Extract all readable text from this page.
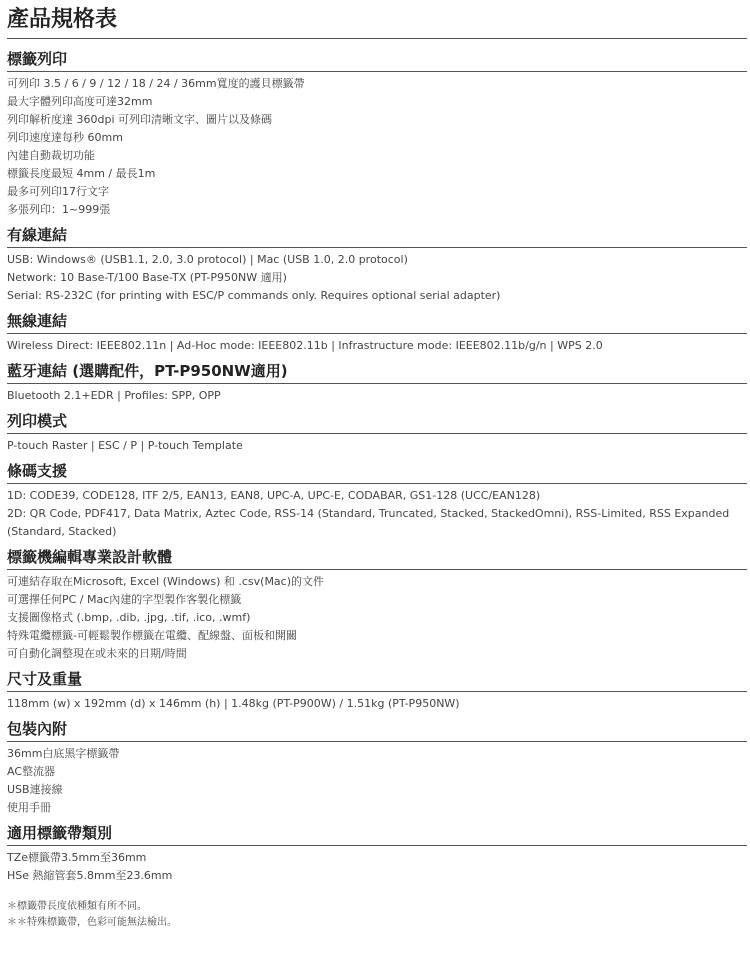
產品規格表
標籤列印
可列印 3.5 / 6 / 9 / 12 / 18 / 24 / 36mm寬度的護貝標籤帶
最大字體列印高度可達32mm
列印解析度達 360dpi 可列印清晰文字、圖片以及條碼
列印速度達每秒 60mm
內建自動裁切功能
標籤長度最短 4mm / 最長1m
最多可列印17行文字
多張列印：1~999張
有線連結
USB: Windows® (USB1.1, 2.0, 3.0 protocol) | Mac (USB 1.0, 2.0 protocol)
Network: 10 Base-T/100 Base-TX (PT-P950NW 適用)
Serial: RS-232C (for printing with ESC/P commands only. Requires optional serial adapter)
無線連結
Wireless Direct: IEEE802.11n | Ad-Hoc mode: IEEE802.11b | Infrastructure mode: IEEE802.11b/g/n | WPS 2.0
藍牙連結 (選購配件，PT-P950NW適用)
Bluetooth 2.1+EDR | Profiles: SPP, OPP
列印模式
P-touch Raster | ESC / P | P-touch Template
條碼支援
1D: CODE39, CODE128, ITF 2/5, EAN13, EAN8, UPC-A, UPC-E, CODABAR, GS1-128 (UCC/EAN128)
2D: QR Code, PDF417, Data Matrix, Aztec Code, RSS-14 (Standard, Truncated, Stacked, StackedOmni), RSS-Limited, RSS Expanded (Standard, Stacked)
標籤機編輯專業設計軟體
可連結存取在Microsoft, Excel (Windows) 和 .csv(Mac)的文件
可選擇任何PC / Mac內建的字型製作客製化標籤
支援圖像格式 (.bmp, .dib, .jpg, .tif, .ico, .wmf)
特殊電纜標籤-可輕鬆製作標籤在電纜、配線盤、面板和開關
可自動化調整現在或未來的日期/時間
尺寸及重量
118mm (w) x 192mm (d) x 146mm (h) | 1.48kg (PT-P900W) / 1.51kg (PT-P950NW)
包裝內附
36mm白底黑字標籤帶
AC整流器
USB連接線
使用手冊
適用標籤帶類別
TZe標籤帶3.5mm至36mm
HSe 熱縮管套5.8mm至23.6mm
＊標籤帶長度依種類有所不同。
＊＊特殊標籤帶，色彩可能無法檢出。
